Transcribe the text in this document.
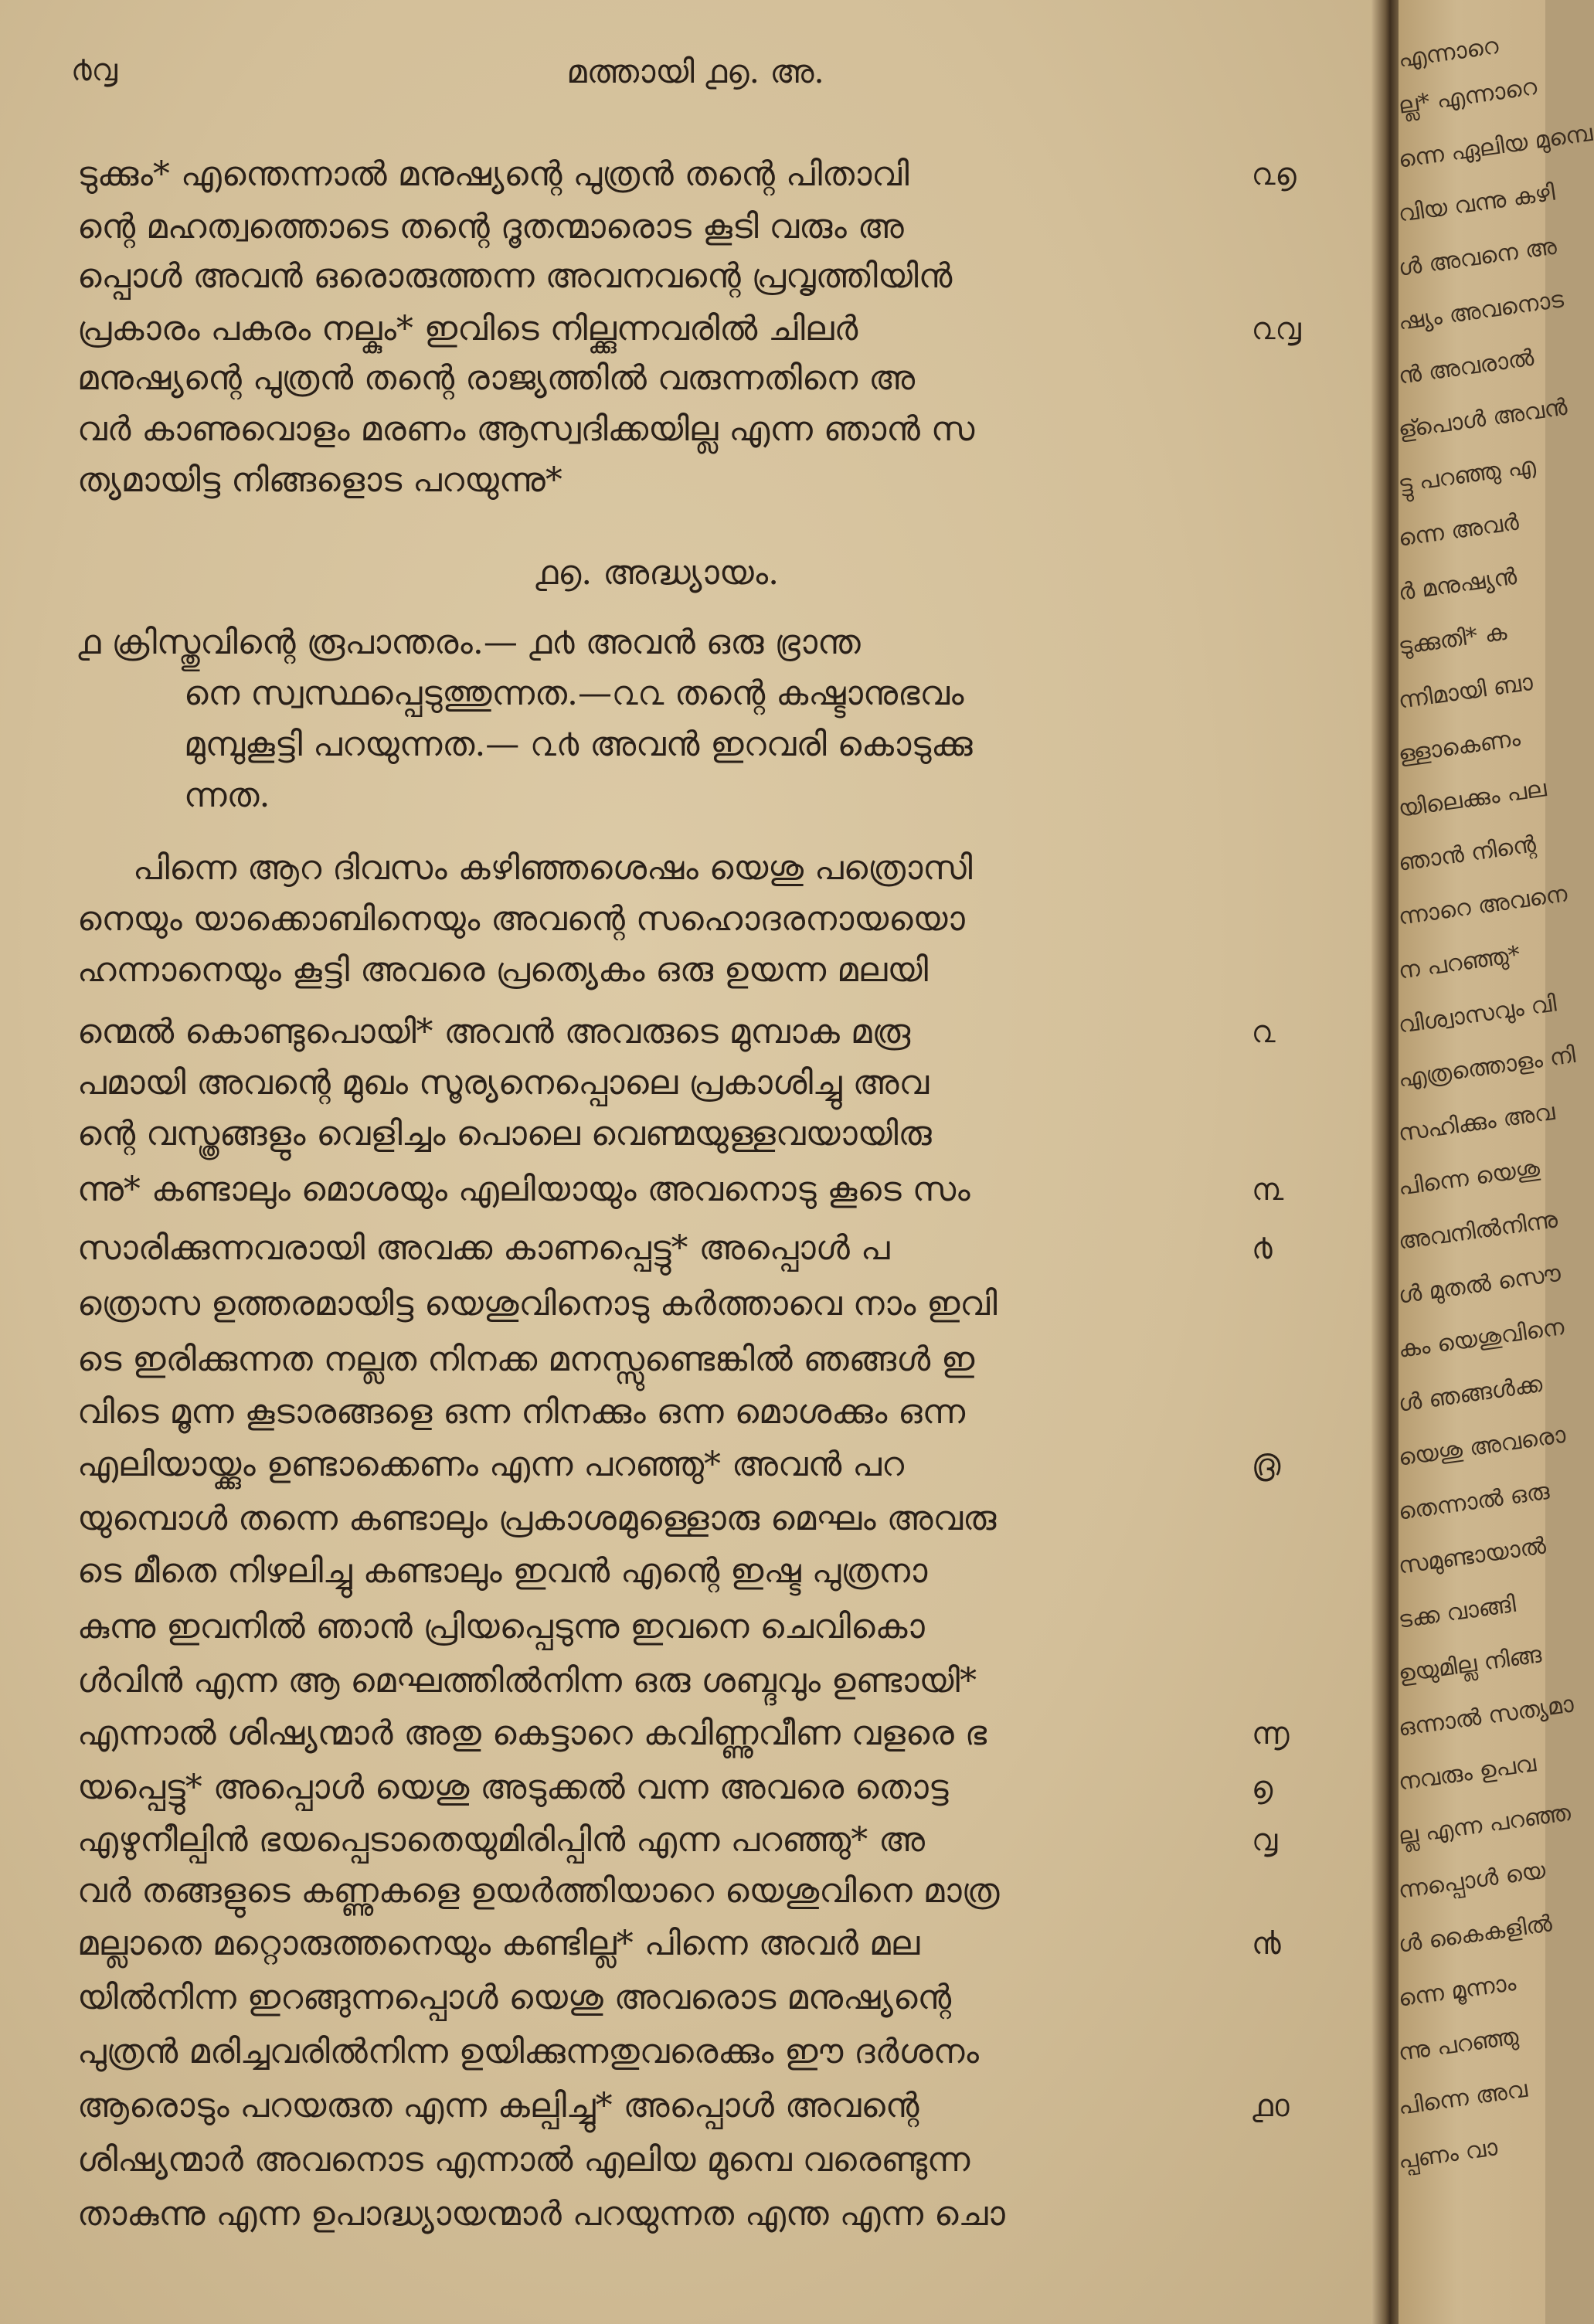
൪൮	മത്തായി ൧൭. അ.
ടുക്കും* എന്തെന്നാൽ മനുഷ്യന്റെ പുത്രൻ തന്റെ പിതാവി
ന്റെ മഹത്വത്തൊടെ തന്റെ ദൂതന്മാരൊട കൂടി വരും അ
പ്പൊൾ അവൻ ഒരൊരുത്തന്ന അവനവന്റെ പ്രവൃത്തിയിൻ
പ്രകാരം പകരം നല്കും* ഇവിടെ നില്ക്കുന്നവരിൽ ചിലർ
മനുഷ്യന്റെ പുത്രൻ തന്റെ രാജ്യത്തിൽ വരുന്നതിനെ അ
വർ കാണുവൊളം മരണം ആസ്വദിക്കയില്ല എന്ന ഞാൻ സ
ത്യമായിട്ട നിങ്ങളൊട പറയുന്നു*
൧൭. അദ്ധ്യായം.
൧ ക്രിസ്തുവിന്റെ രൂപാന്തരം.— ൧൪ അവൻ ഒരു ഭ്രാന്ത
നെ സ്വസ്ഥപ്പെടുത്തുന്നത.—൨൨ തന്റെ കഷ്ടാനുഭവം
മുമ്പുകൂട്ടി പറയുന്നത.— ൨൪ അവൻ ഇറവരി കൊടുക്കു
ന്നത.
പിന്നെ ആറ ദിവസം കഴിഞ്ഞശെഷം യെശു പത്രൊസി
നെയും യാക്കൊബിനെയും അവന്റെ സഹൊദരനായയൊ
ഹന്നാനെയും കൂട്ടി അവരെ പ്രത്യെകം ഒരു ഉയന്ന മലയി
ന്മെൽ കൊണ്ടുപൊയി* അവൻ അവരുടെ മുമ്പാക മരൂ
പമായി അവന്റെ മുഖം സൂര്യനെപ്പൊലെ പ്രകാശിച്ചു അവ
ന്റെ വസ്ത്രങ്ങളും വെളിച്ചം പൊലെ വെണ്മയുള്ളവയായിരു
ന്നു* കണ്ടാലും മൊശയും എലിയായും അവനൊടു കൂടെ സം
സാരിക്കുന്നവരായി അവക്ക കാണപ്പെട്ടു* അപ്പൊൾ പ
ത്രൊസ ഉത്തരമായിട്ട യെശുവിനൊടു കർത്താവെ നാം ഇവി
ടെ ഇരിക്കുന്നത നല്ലത നിനക്ക മനസ്സുണ്ടെങ്കിൽ ഞങ്ങൾ ഇ
വിടെ മൂന്ന കൂടാരങ്ങളെ ഒന്ന നിനക്കും ഒന്ന മൊശക്കും ഒന്ന
എലിയായ്ക്കും ഉണ്ടാക്കെണം എന്ന പറഞ്ഞു* അവൻ പറ
യുമ്പൊൾ തന്നെ കണ്ടാലും പ്രകാശമുള്ളൊരു മെഘം അവരു
ടെ മീതെ നിഴലിച്ചു കണ്ടാലും ഇവൻ എന്റെ ഇഷ്ട പുത്രനാ
കുന്നു ഇവനിൽ ഞാൻ പ്രിയപ്പെടുന്നു ഇവനെ ചെവികൊ
ൾവിൻ എന്ന ആ മെഘത്തിൽനിന്ന ഒരു ശബ്ദവും ഉണ്ടായി*
എന്നാൽ ശിഷ്യന്മാർ അതു കെട്ടാറെ കവിണ്ണുവീണ വളരെ ഭ
യപ്പെട്ടു* അപ്പൊൾ യെശു അടുക്കൽ വന്ന അവരെ തൊട്ട
എഴുനീല്പിൻ ഭയപ്പെടാതെയുമിരിപ്പിൻ എന്ന പറഞ്ഞു* അ
വർ തങ്ങളുടെ കണ്ണുകളെ ഉയർത്തിയാറെ യെശുവിനെ മാത്ര
മല്ലാതെ മറ്റൊരുത്തനെയും കണ്ടില്ല* പിന്നെ അവർ മല
യിൽനിന്ന ഇറങ്ങുന്നപ്പൊൾ യെശു അവരൊട മനുഷ്യന്റെ
പുത്രൻ മരിച്ചവരിൽനിന്ന ഉയിക്കുന്നതുവരെക്കും ഈ ദർശനം
ആരൊടും പറയരുത എന്ന കല്പിച്ചു* അപ്പൊൾ അവന്റെ
ശിഷ്യന്മാർ അവനൊട എന്നാൽ എലിയ മുമ്പെ വരെണ്ടുന്ന
താകുന്നു എന്ന ഉപാദ്ധ്യായന്മാർ പറയുന്നത എന്ത എന്ന ചൊ
൨൭
൨൮
൨
൩
൪
൫
൬
൭
൮
൯
൧൦
എന്നാറെ
ല്ല* എന്നാറെ
ന്നെ ഏലിയ മുമ്പെ
വിയ വന്നു കഴി
ൾ അവനെ അ
ഷ്യം അവനൊട
ൻ അവരാൽ
ള്പൊൾ അവൻ
ട്ടു പറഞ്ഞു എ
ന്നെ അവർ
ർ മനുഷ്യൻ
ടുക്കുതി* ക
ന്നിമായി ബാ
ള്ളാകെണം
യിലെക്കും പല
ഞാൻ നിന്റെ
ന്നാറെ അവനെ
ന പറഞ്ഞു*
വിശ്വാസവും വി
എത്രത്തൊളം നി
സഹിക്കും അവ
പിന്നെ യെശു
അവനിൽനിന്നു
ൾ മുതൽ സൌ
കം യെശുവിനെ
ൾ ഞങ്ങൾക്ക
യെശു അവരൊ
തെന്നാൽ ഒരു
സമുണ്ടായാൽ
ടക്ക വാങ്ങി
ഉയുമില്ല നിങ്ങ
ഒന്നാൽ സത്യമാ
നവരും ഉപവ
ല്ല എന്ന പറഞ്ഞ
ന്നപ്പൊൾ യെ
ൾ കൈകളിൽ
ന്നെ മൂന്നാം
ന്നു പറഞ്ഞു
പിന്നെ അവ
പ്പണം വാ
